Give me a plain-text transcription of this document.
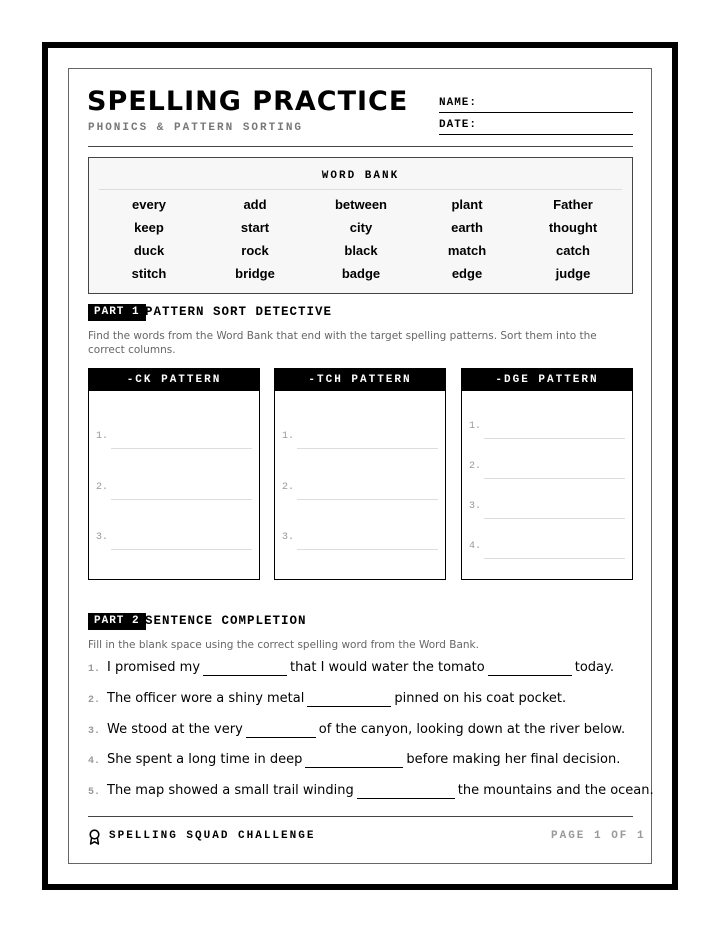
SPELLING PRACTICE
PHONICS & PATTERN SORTING
NAME:
DATE:
WORD BANK
every	add	between	plant	Father
keep	start	city	earth	thought
duck	rock	black	match	catch
stitch	bridge	badge	edge	judge
PART 1 PATTERN SORT DETECTIVE
Find the words from the Word Bank that end with the target spelling patterns. Sort them into the correct columns.
-CK PATTERN
1.
2.
3.
-TCH PATTERN
1.
2.
3.
-DGE PATTERN
1.
2.
3.
4.
PART 2 SENTENCE COMPLETION
Fill in the blank space using the correct spelling word from the Word Bank.
1. I promised my	that I would water the tomato	today.
2. The officer wore a shiny metal	pinned on his coat pocket.
3. We stood at the very	of the canyon, looking down at the river below.
4. She spent a long time in deep	before making her final decision.
5. The map showed a small trail winding	the mountains and the ocean.
SPELLING SQUAD CHALLENGE	PAGE 1 OF 1
